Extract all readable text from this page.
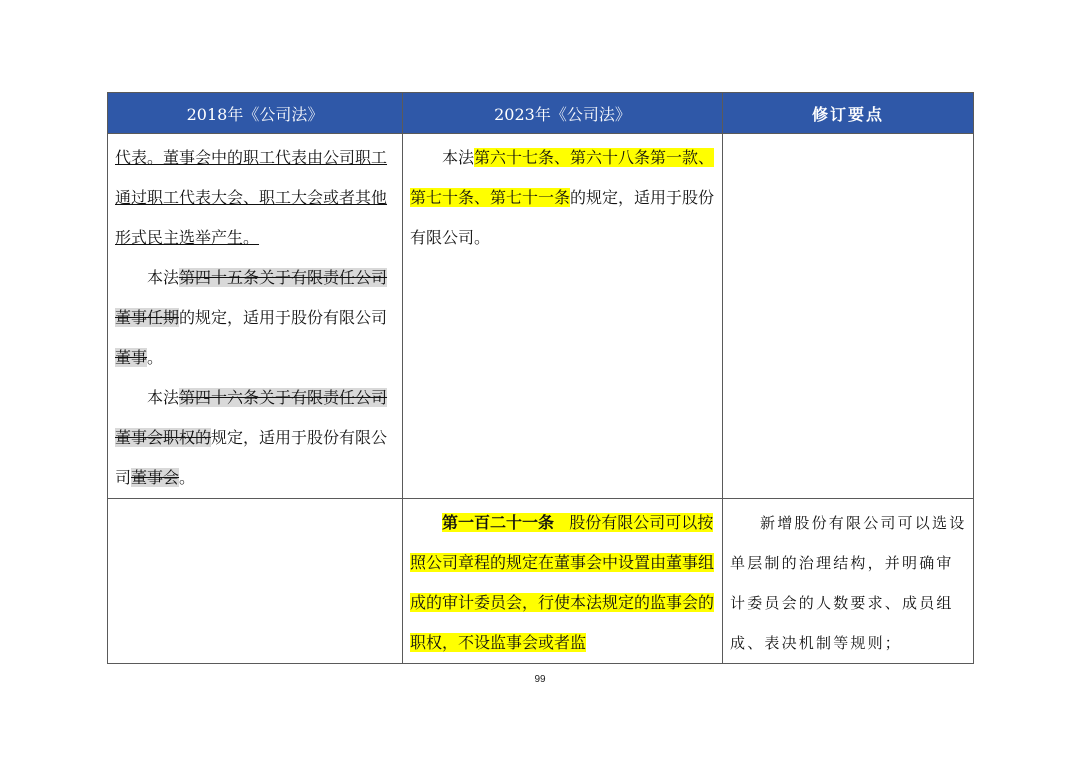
2018年《公司法》	2023年《公司法》	修订要点

代表。董事会中的职工代表由公司职工通过职工代表大会、职工大会或者其他形式民主选举产生。

本法第四十五条关于有限责任公司董事任期的规定，适用于股份有限公司董事。

本法第四十六条关于有限责任公司董事会职权的规定，适用于股份有限公司董事会。	本法第六十七条、第六十八条第一款、第七十条、第七十一条的规定，适用于股份有限公司。	

	第一百二十一条 股份有限公司可以按照公司章程的规定在董事会中设置由董事组成的审计委员会，行使本法规定的监事会的职权，不设监事会或者监	新增股份有限公司可以选设单层制的治理结构，并明确审计委员会的人数要求、成员组成、表决机制等规则；
99
